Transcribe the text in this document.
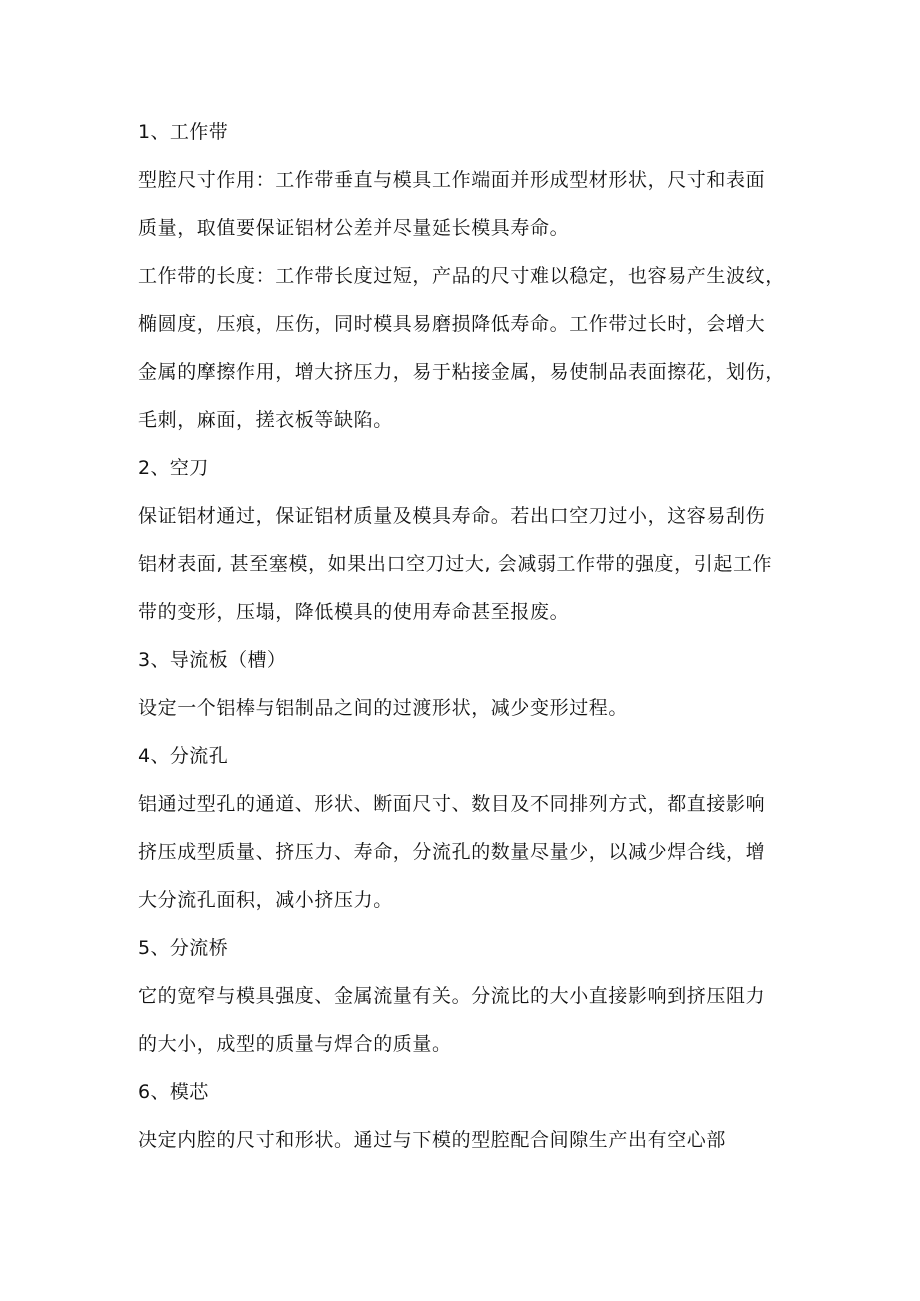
1、工作带
型腔尺寸作用：工作带垂直与模具工作端面并形成型材形状，尺寸和表面
质量，取值要保证铝材公差并尽量延长模具寿命。
工作带的长度：工作带长度过短，产品的尺寸难以稳定，也容易产生波纹，
椭圆度，压痕，压伤，同时模具易磨损降低寿命。工作带过长时，会增大
金属的摩擦作用，增大挤压力，易于粘接金属，易使制品表面擦花，划伤，
毛刺，麻面，搓衣板等缺陷。
2、空刀
保证铝材通过，保证铝材质量及模具寿命。若出口空刀过小，这容易刮伤
铝材表面, 甚至塞模，如果出口空刀过大, 会减弱工作带的强度，引起工作
带的变形，压塌，降低模具的使用寿命甚至报废。
3、导流板（槽）
设定一个铝棒与铝制品之间的过渡形状，减少变形过程。
4、分流孔
铝通过型孔的通道、形状、断面尺寸、数目及不同排列方式，都直接影响
挤压成型质量、挤压力、寿命，分流孔的数量尽量少，以减少焊合线，增
大分流孔面积，减小挤压力。
5、分流桥
它的宽窄与模具强度、金属流量有关。分流比的大小直接影响到挤压阻力
的大小，成型的质量与焊合的质量。
6、模芯
决定内腔的尺寸和形状。通过与下模的型腔配合间隙生产出有空心部
